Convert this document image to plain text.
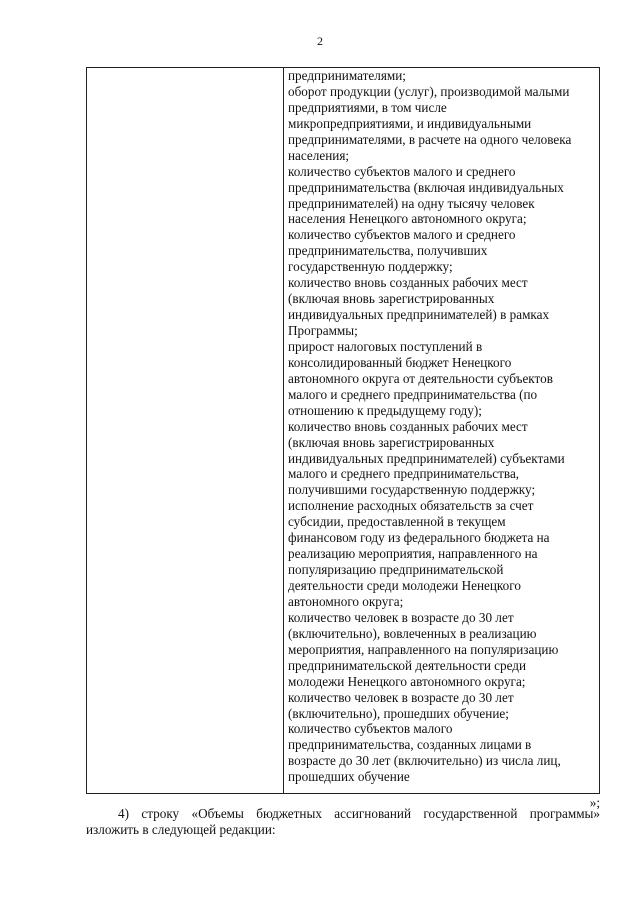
2
предпринимателями;
оборот продукции (услуг), производимой малыми
предприятиями, в том числе
микропредприятиями, и индивидуальными
предпринимателями, в расчете на одного человека
населения;
количество субъектов малого и среднего
предпринимательства (включая индивидуальных
предпринимателей) на одну тысячу человек
населения Ненецкого автономного округа;
количество субъектов малого и среднего
предпринимательства, получивших
государственную поддержку;
количество вновь созданных рабочих мест
(включая вновь зарегистрированных
индивидуальных предпринимателей) в рамках
Программы;
прирост налоговых поступлений в
консолидированный бюджет Ненецкого
автономного округа от деятельности субъектов
малого и среднего предпринимательства (по
отношению к предыдущему году);
количество вновь созданных рабочих мест
(включая вновь зарегистрированных
индивидуальных предпринимателей) субъектами
малого и среднего предпринимательства,
получившими государственную поддержку;
исполнение расходных обязательств за счет
субсидии, предоставленной в текущем
финансовом году из федерального бюджета на
реализацию мероприятия, направленного на
популяризацию предпринимательской
деятельности среди молодежи Ненецкого
автономного округа;
количество человек в возрасте до 30 лет
(включительно), вовлеченных в реализацию
мероприятия, направленного на популяризацию
предпринимательской деятельности среди
молодежи Ненецкого автономного округа;
количество человек в возрасте до 30 лет
(включительно), прошедших обучение;
количество субъектов малого
предпринимательства, созданных лицами в
возрасте до 30 лет (включительно) из числа лиц,
прошедших обучение
»;
4) строку «Объемы бюджетных ассигнований государственной программы»
изложить в следующей редакции:
